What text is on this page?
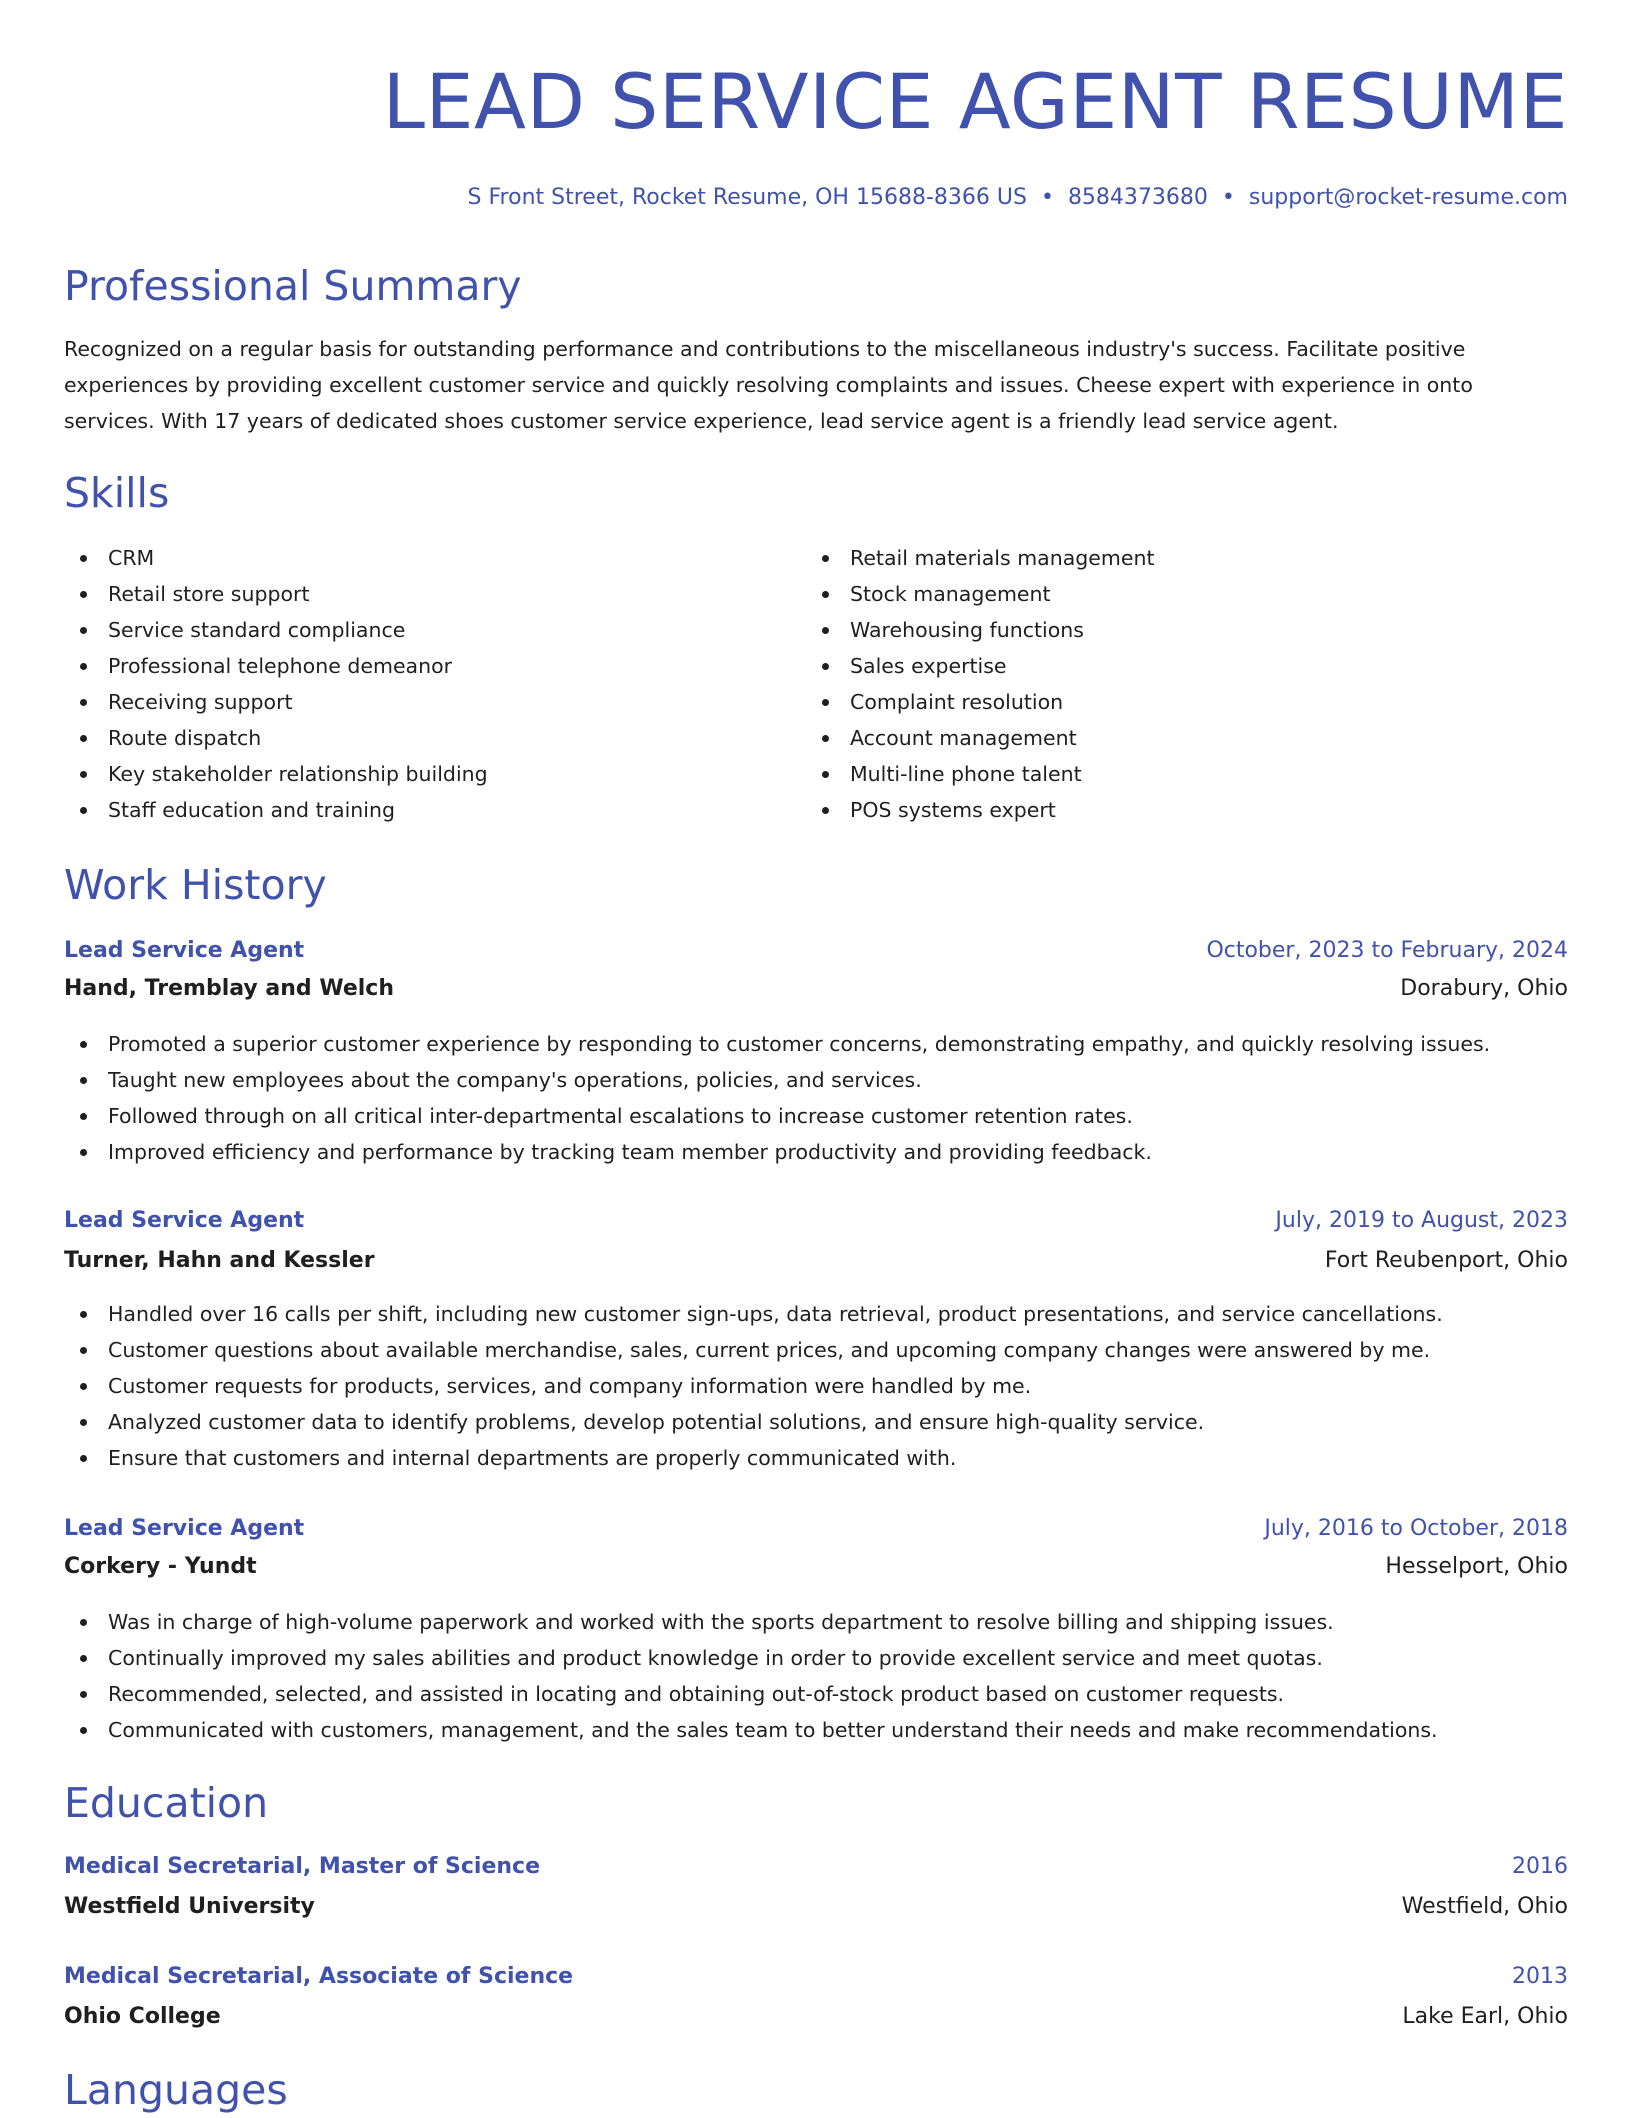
LEAD SERVICE AGENT RESUME
S Front Street, Rocket Resume, OH 15688-8366 US • 8584373680 • support@rocket-resume.com
Professional Summary

Recognized on a regular basis for outstanding performance and contributions to the miscellaneous industry's success. Facilitate positive experiences by providing excellent customer service and quickly resolving complaints and issues. Cheese expert with experience in onto services. With 17 years of dedicated shoes customer service experience, lead service agent is a friendly lead service agent.

Skills
CRM
Retail store support
Service standard compliance
Professional telephone demeanor
Receiving support
Route dispatch
Key stakeholder relationship building
Staff education and training
Retail materials management
Stock management
Warehousing functions
Sales expertise
Complaint resolution
Account management
Multi-line phone talent
POS systems expert
Work History
Lead Service Agent	October, 2023 to February, 2024
Hand, Tremblay and Welch	Dorabury, Ohio
Promoted a superior customer experience by responding to customer concerns, demonstrating empathy, and quickly resolving issues.
Taught new employees about the company's operations, policies, and services.
Followed through on all critical inter-departmental escalations to increase customer retention rates.
Improved efficiency and performance by tracking team member productivity and providing feedback.
Lead Service Agent	July, 2019 to August, 2023
Turner, Hahn and Kessler	Fort Reubenport, Ohio
Handled over 16 calls per shift, including new customer sign-ups, data retrieval, product presentations, and service cancellations.
Customer questions about available merchandise, sales, current prices, and upcoming company changes were answered by me.
Customer requests for products, services, and company information were handled by me.
Analyzed customer data to identify problems, develop potential solutions, and ensure high-quality service.
Ensure that customers and internal departments are properly communicated with.
Lead Service Agent	July, 2016 to October, 2018
Corkery - Yundt	Hesselport, Ohio
Was in charge of high-volume paperwork and worked with the sports department to resolve billing and shipping issues.
Continually improved my sales abilities and product knowledge in order to provide excellent service and meet quotas.
Recommended, selected, and assisted in locating and obtaining out-of-stock product based on customer requests.
Communicated with customers, management, and the sales team to better understand their needs and make recommendations.
Education
Medical Secretarial, Master of Science	2016
Westfield University	Westfield, Ohio
Medical Secretarial, Associate of Science	2013
Ohio College	Lake Earl, Ohio
Languages
